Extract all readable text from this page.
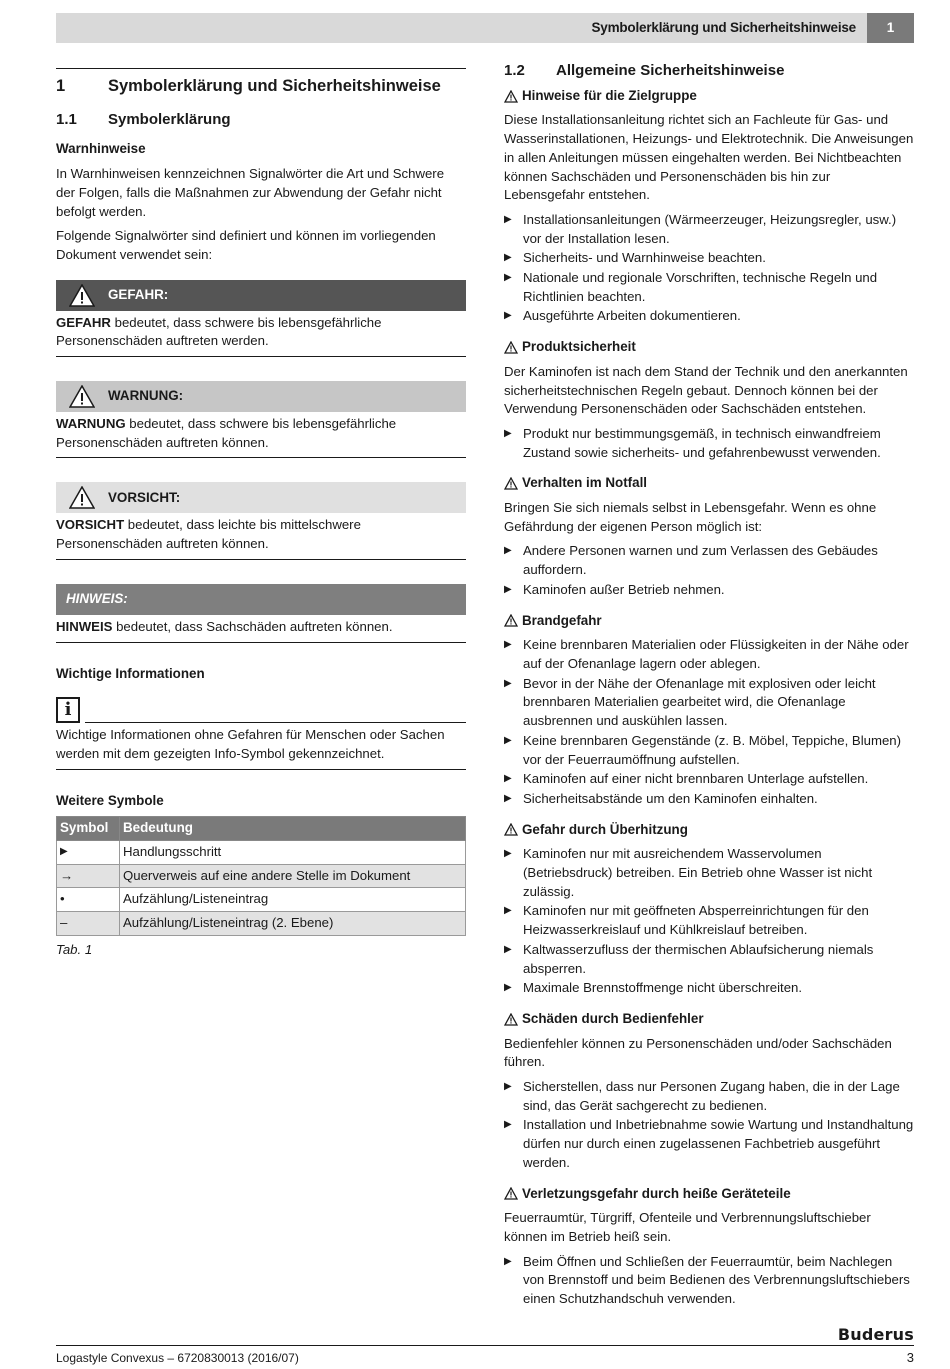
Symbolerklärung und Sicherheitshinweise	1
1	Symbolerklärung und Sicherheitshinweise
1.1	Symbolerklärung
Warnhinweise

In Warnhinweisen kennzeichnen Signalwörter die Art und Schwere der Folgen, falls die Maßnahmen zur Abwendung der Gefahr nicht befolgt werden.

Folgende Signalwörter sind definiert und können im vorliegenden Dokument verwendet sein:

GEFAHR:
GEFAHR bedeutet, dass schwere bis lebensgefährliche Personenschäden auftreten werden.
WARNUNG:
WARNUNG bedeutet, dass schwere bis lebensgefährliche Personenschäden auftreten können.
VORSICHT:
VORSICHT bedeutet, dass leichte bis mittelschwere Personenschäden auftreten können.
HINWEIS:
HINWEIS bedeutet, dass Sachschäden auftreten können.
Wichtige Informationen
i
Wichtige Informationen ohne Gefahren für Menschen oder Sachen werden mit dem gezeigten Info-Symbol gekennzeichnet.
Weitere Symbole
Symbol	Bedeutung
▶	Handlungsschritt
→	Querverweis auf eine andere Stelle im Dokument
•	Aufzählung/Listeneintrag
–	Aufzählung/Listeneintrag (2. Ebene)
Tab. 1
1.2	Allgemeine Sicherheitshinweise
Hinweise für die Zielgruppe

Diese Installationsanleitung richtet sich an Fachleute für Gas- und Wasserinstallationen, Heizungs- und Elektrotechnik. Die Anweisungen in allen Anleitungen müssen eingehalten werden. Bei Nichtbeachten können Sachschäden und Personenschäden bis hin zur Lebensgefahr entstehen.

▶ Installationsanleitungen (Wärmeerzeuger, Heizungsregler, usw.) vor der Installation lesen.
▶ Sicherheits- und Warnhinweise beachten.
▶ Nationale und regionale Vorschriften, technische Regeln und Richtlinien beachten.
▶ Ausgeführte Arbeiten dokumentieren.
Produktsicherheit

Der Kaminofen ist nach dem Stand der Technik und den anerkannten sicherheitstechnischen Regeln gebaut. Dennoch können bei der Verwendung Personenschäden oder Sachschäden entstehen.

▶ Produkt nur bestimmungsgemäß, in technisch einwandfreiem Zustand sowie sicherheits- und gefahrenbewusst verwenden.
Verhalten im Notfall

Bringen Sie sich niemals selbst in Lebensgefahr. Wenn es ohne Gefährdung der eigenen Person möglich ist:

▶ Andere Personen warnen und zum Verlassen des Gebäudes auffordern.
▶ Kaminofen außer Betrieb nehmen.
Brandgefahr
▶ Keine brennbaren Materialien oder Flüssigkeiten in der Nähe oder auf der Ofenanlage lagern oder ablegen.
▶ Bevor in der Nähe der Ofenanlage mit explosiven oder leicht brennbaren Materialien gearbeitet wird, die Ofenanlage ausbrennen und auskühlen lassen.
▶ Keine brennbaren Gegenstände (z. B. Möbel, Teppiche, Blumen) vor der Feuerraumöffnung aufstellen.
▶ Kaminofen auf einer nicht brennbaren Unterlage aufstellen.
▶ Sicherheitsabstände um den Kaminofen einhalten.
Gefahr durch Überhitzung
▶ Kaminofen nur mit ausreichendem Wasservolumen (Betriebsdruck) betreiben. Ein Betrieb ohne Wasser ist nicht zulässig.
▶ Kaminofen nur mit geöffneten Absperreinrichtungen für den Heizwasserkreislauf und Kühlkreislauf betreiben.
▶ Kaltwasserzufluss der thermischen Ablaufsicherung niemals absperren.
▶ Maximale Brennstoffmenge nicht überschreiten.
Schäden durch Bedienfehler

Bedienfehler können zu Personenschäden und/oder Sachschäden führen.

▶ Sicherstellen, dass nur Personen Zugang haben, die in der Lage sind, das Gerät sachgerecht zu bedienen.
▶ Installation und Inbetriebnahme sowie Wartung und Instandhaltung dürfen nur durch einen zugelassenen Fachbetrieb ausgeführt werden.
Verletzungsgefahr durch heiße Geräteteile

Feuerraumtür, Türgriff, Ofenteile und Verbrennungsluftschieber können im Betrieb heiß sein.

▶ Beim Öffnen und Schließen der Feuerraumtür, beim Nachlegen von Brennstoff und beim Bedienen des Verbrennungsluftschiebers einen Schutzhandschuh verwenden.
Buderus
Logastyle Convexus – 6720830013 (2016/07)	3
